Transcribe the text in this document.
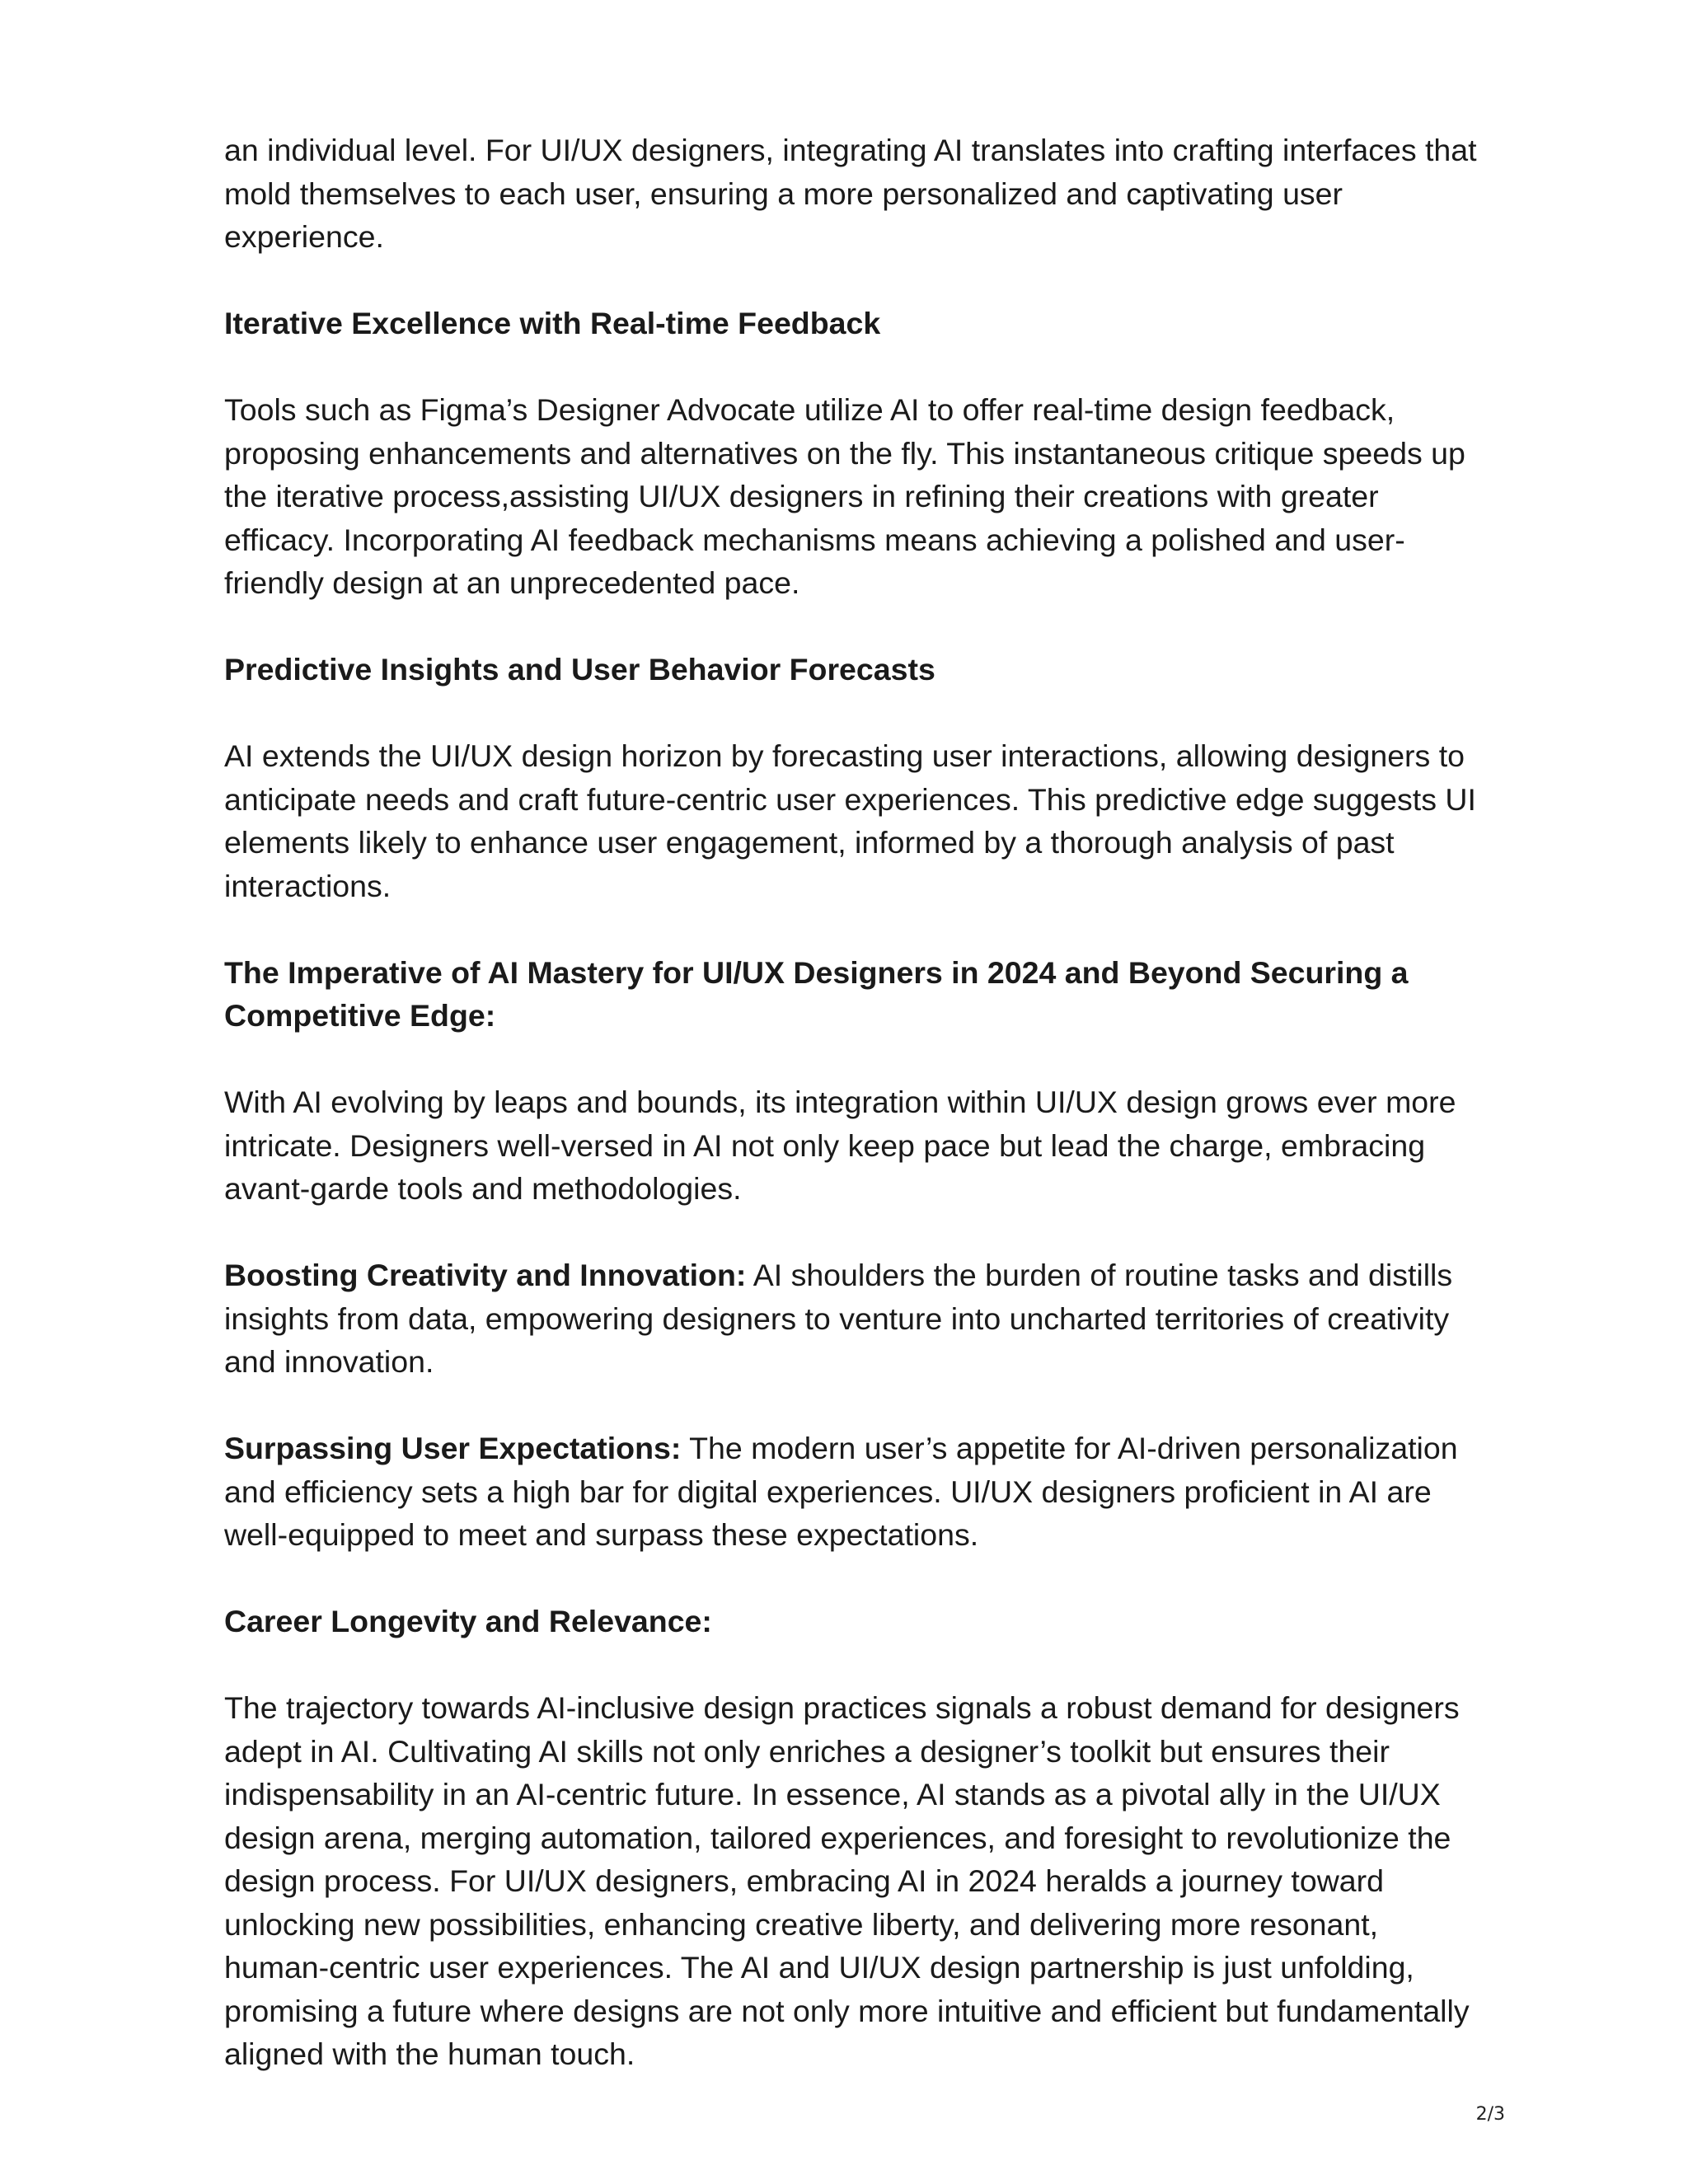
an individual level. For UI/UX designers, integrating AI translates into crafting interfaces that mold themselves to each user, ensuring a more personalized and captivating user experience.

Iterative Excellence with Real-time Feedback

Tools such as Figma’s Designer Advocate utilize AI to offer real-time design feedback, proposing enhancements and alternatives on the fly. This instantaneous critique speeds up the iterative process,assisting UI/UX designers in refining their creations with greater efficacy. Incorporating AI feedback mechanisms means achieving a polished and user-friendly design at an unprecedented pace.

Predictive Insights and User Behavior Forecasts

AI extends the UI/UX design horizon by forecasting user interactions, allowing designers to anticipate needs and craft future-centric user experiences. This predictive edge suggests UI elements likely to enhance user engagement, informed by a thorough analysis of past interactions.

The Imperative of AI Mastery for UI/UX Designers in 2024 and Beyond Securing a Competitive Edge:

With AI evolving by leaps and bounds, its integration within UI/UX design grows ever more intricate. Designers well-versed in AI not only keep pace but lead the charge, embracing avant-garde tools and methodologies.

Boosting Creativity and Innovation: AI shoulders the burden of routine tasks and distills insights from data, empowering designers to venture into uncharted territories of creativity and innovation.

Surpassing User Expectations: The modern user’s appetite for AI-driven personalization and efficiency sets a high bar for digital experiences. UI/UX designers proficient in AI are well-equipped to meet and surpass these expectations.

Career Longevity and Relevance:

The trajectory towards AI-inclusive design practices signals a robust demand for designers adept in AI. Cultivating AI skills not only enriches a designer’s toolkit but ensures their indispensability in an AI-centric future. In essence, AI stands as a pivotal ally in the UI/UX design arena, merging automation, tailored experiences, and foresight to revolutionize the design process. For UI/UX designers, embracing AI in 2024 heralds a journey toward unlocking new possibilities, enhancing creative liberty, and delivering more resonant, human-centric user experiences. The AI and UI/UX design partnership is just unfolding, promising a future where designs are not only more intuitive and efficient but fundamentally aligned with the human touch.

2/3
